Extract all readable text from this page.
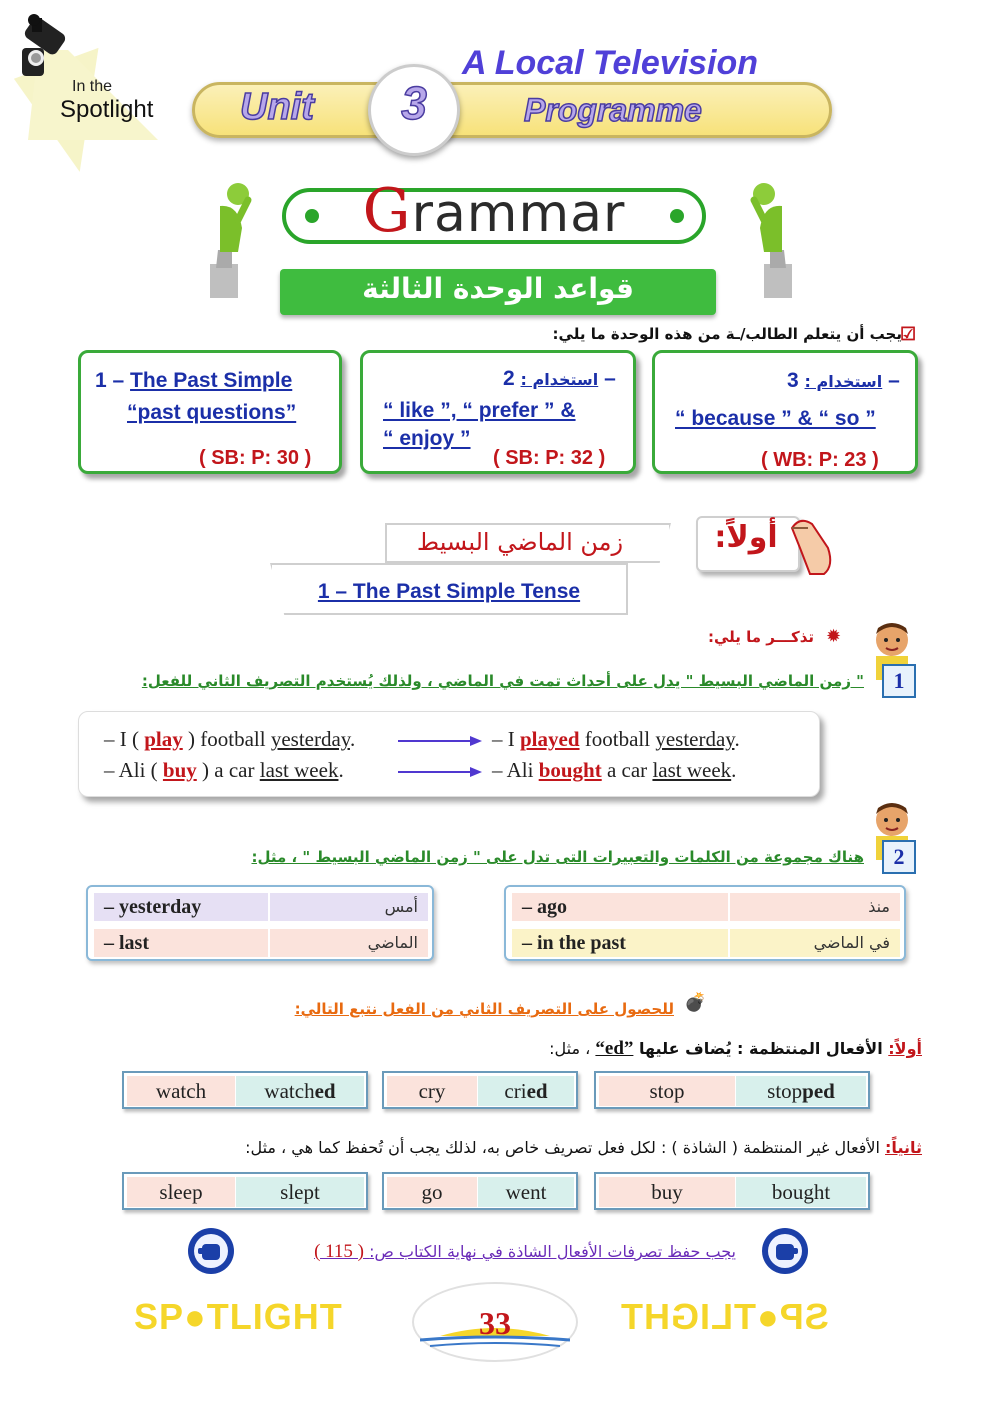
In the
Spotlight Unit	3
A Local Television
Programme
Grammar
قواعد الوحدة الثالثة
☑
يجب أن يتعلم الطالب/ـة من هذه الوحدة ما يلي:
1 – The Past Simple
“past questions”
( SB: P: 30 )
استخدام : 2 –
“ like ”, “ prefer ” &
“ enjoy ”
( SB: P: 32 )
استخدام : 3 –
“ because ” & “ so ”
( WB: P: 23 )
زمن الماضي البسيط
1 – The Past Simple Tense
أولاً:
تذكـــر ما يلي: ✹
1
" زمن الماضي البسيط " يدل على أحداث تمت في الماضي ، ولذلك يُستخدم التصريف الثاني للفعل:
– I ( play ) football yesterday.
– Ali ( buy ) a car last week.
– I played football yesterday.
– Ali bought a car last week.
2
هناك مجموعة من الكلمات والتعبيرات التى تدل على " زمن الماضي البسيط " ، مثل:
– yesterday	أمس
– last	الماضي
– ago	منذ
– in the past	في الماضي
💣
للحصول على التصريف الثاني من الفعل نتبع التالي:
أولاً: الأفعال المنتظمة : يُضاف عليها “ed” ، مثل:
watch	watched	cry	cried	stop	stopped
ثانياً: الأفعال غير المنتظمة ( الشاذة ) : لكل فعل تصريف خاص به، لذلك يجب أن تُحفظ كما هي ، مثل:
sleep	slept	go	went	buy	bought
يجب حفظ تصرفات الأفعال الشاذة في نهاية الكتاب ص: ( 115 )
SP●TLIGHT	SP●TLIGHT
33
